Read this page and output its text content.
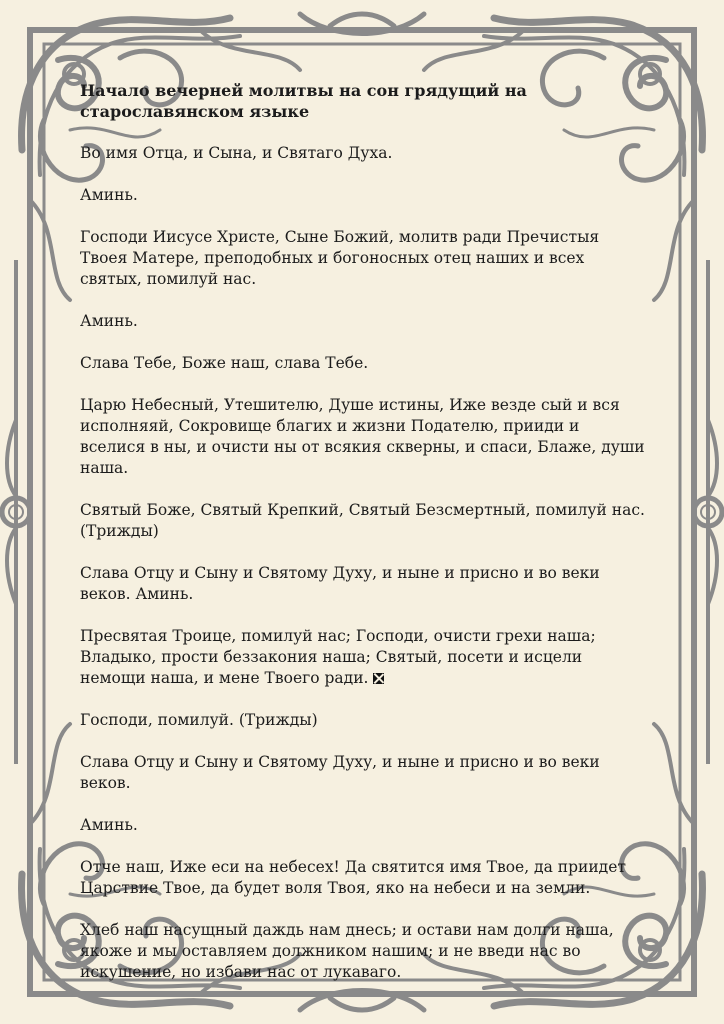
Начало вечерней молитвы на сон грядущий на старославянском языке

Во имя Отца, и Сына, и Святаго Духа.

Аминь.

Господи Иисусе Христе, Сыне Божий, молитв ради Пречистыя Твоея Матере, преподобных и богоносных отец наших и всех святых, помилуй нас.

Аминь.

Слава Тебе, Боже наш, слава Тебе.

Царю Небесный, Утешителю, Душе истины, Иже везде сый и вся исполняяй, Сокровище благих и жизни Подателю, прииди и вселися в ны, и очисти ны от всякия скверны, и спаси, Блаже, души наша.

Святый Боже, Святый Крепкий, Святый Безсмертный, помилуй нас. (Трижды)

Слава Отцу и Сыну и Святому Духу, и ныне и присно и во веки веков. Аминь.

Пресвятая Троице, помилуй нас; Господи, очисти грехи наша; Владыко, прости беззакония наша; Святый, посети и исцели немощи наша, и мене Твоего ради.

Господи, помилуй. (Трижды)

Слава Отцу и Сыну и Святому Духу, и ныне и присно и во веки веков.

Аминь.

Отче наш, Иже еси на небесех! Да святится имя Твое, да приидет Царствие Твое, да будет воля Твоя, яко на небеси и на земли.

Хлеб наш насущный даждь нам днесь; и остави нам долги наша, якоже и мы оставляем должником нашим; и не введи нас во искушение, но избави нас от лукаваго.
